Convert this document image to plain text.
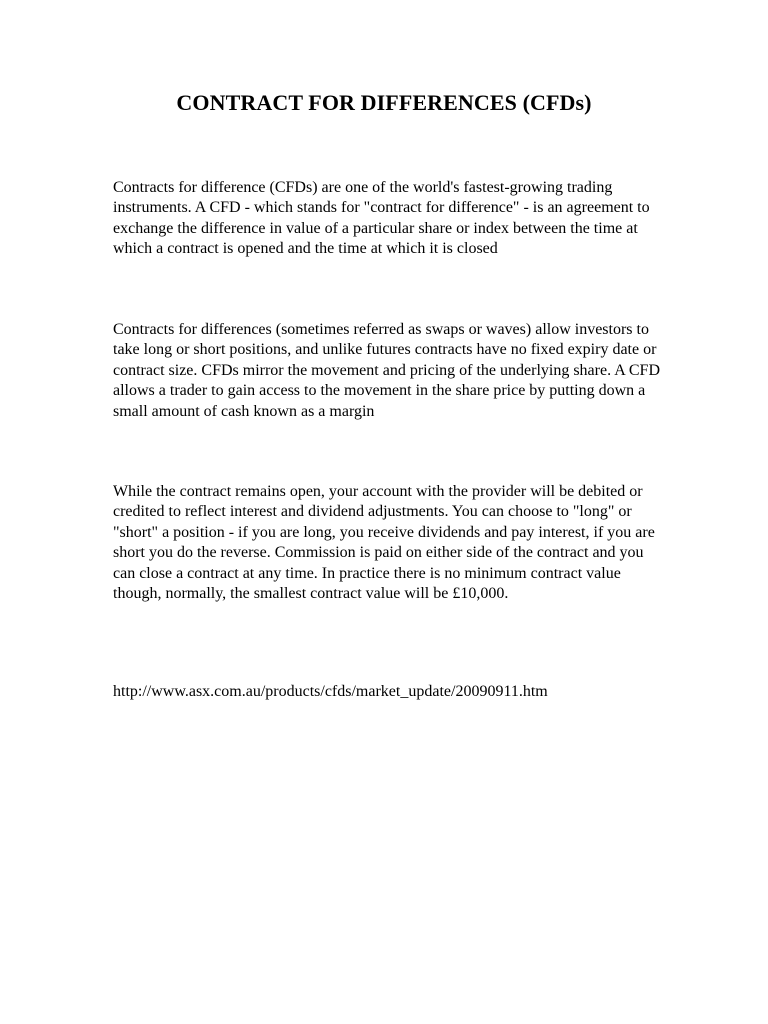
CONTRACT FOR DIFFERENCES (CFDs)

Contracts for difference (CFDs) are one of the world's fastest-growing trading instruments. A CFD - which stands for "contract for difference" - is an agreement to exchange the difference in value of a particular share or index between the time at which a contract is opened and the time at which it is closed

Contracts for differences (sometimes referred as swaps or waves) allow investors to take long or short positions, and unlike futures contracts have no fixed expiry date or contract size. CFDs mirror the movement and pricing of the underlying share. A CFD allows a trader to gain access to the movement in the share price by putting down a small amount of cash known as a margin

While the contract remains open, your account with the provider will be debited or credited to reflect interest and dividend adjustments. You can choose to "long" or "short" a position - if you are long, you receive dividends and pay interest, if you are short you do the reverse. Commission is paid on either side of the contract and you can close a contract at any time. In practice there is no minimum contract value though, normally, the smallest contract value will be £10,000.

http://www.asx.com.au/products/cfds/market_update/20090911.htm
